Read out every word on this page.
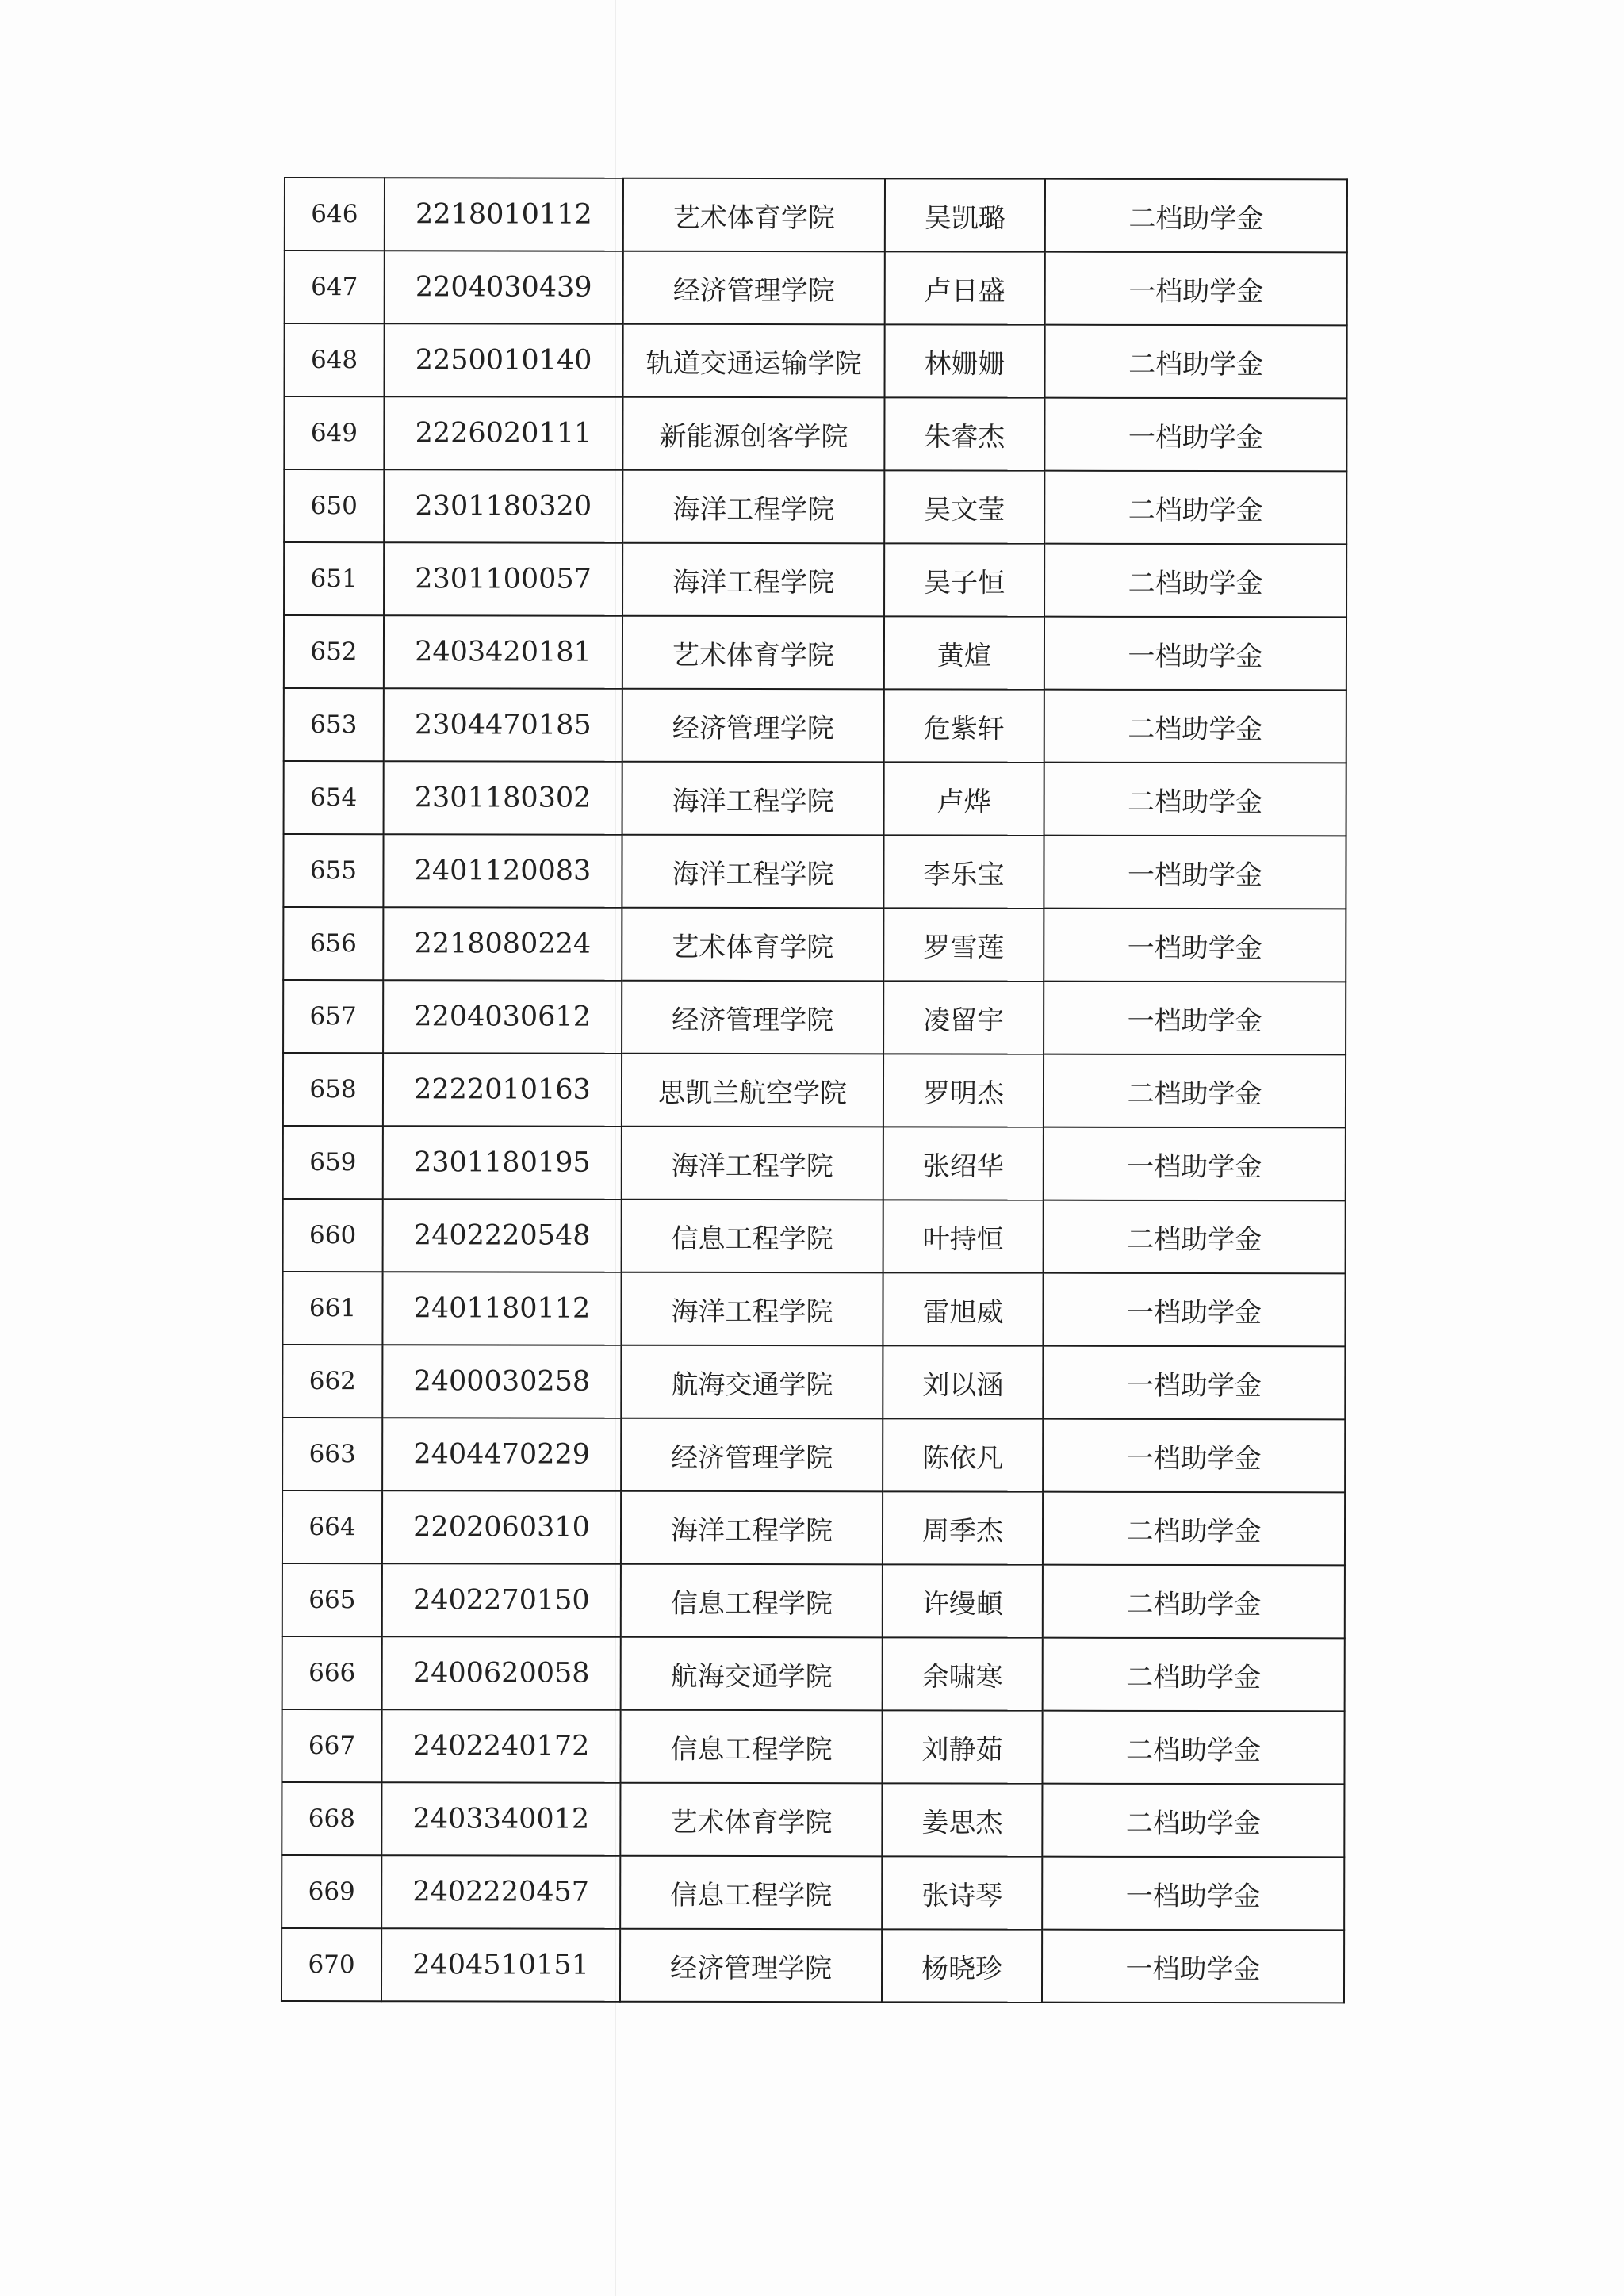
646	2218010112	艺术体育学院	吴凯璐	二档助学金
647	2204030439	经济管理学院	卢日盛	一档助学金
648	2250010140	轨道交通运输学院	林姗姗	二档助学金
649	2226020111	新能源创客学院	朱睿杰	一档助学金
650	2301180320	海洋工程学院	吴文莹	二档助学金
651	2301100057	海洋工程学院	吴子恒	二档助学金
652	2403420181	艺术体育学院	黄煊	一档助学金
653	2304470185	经济管理学院	危紫轩	二档助学金
654	2301180302	海洋工程学院	卢烨	二档助学金
655	2401120083	海洋工程学院	李乐宝	一档助学金
656	2218080224	艺术体育学院	罗雪莲	一档助学金
657	2204030612	经济管理学院	凌留宇	一档助学金
658	2222010163	思凯兰航空学院	罗明杰	二档助学金
659	2301180195	海洋工程学院	张绍华	一档助学金
660	2402220548	信息工程学院	叶持恒	二档助学金
661	2401180112	海洋工程学院	雷旭威	一档助学金
662	2400030258	航海交通学院	刘以涵	一档助学金
663	2404470229	经济管理学院	陈依凡	一档助学金
664	2202060310	海洋工程学院	周季杰	二档助学金
665	2402270150	信息工程学院	许缦頔	二档助学金
666	2400620058	航海交通学院	余啸寒	二档助学金
667	2402240172	信息工程学院	刘静茹	二档助学金
668	2403340012	艺术体育学院	姜思杰	二档助学金
669	2402220457	信息工程学院	张诗琴	一档助学金
670	2404510151	经济管理学院	杨晓珍	一档助学金
